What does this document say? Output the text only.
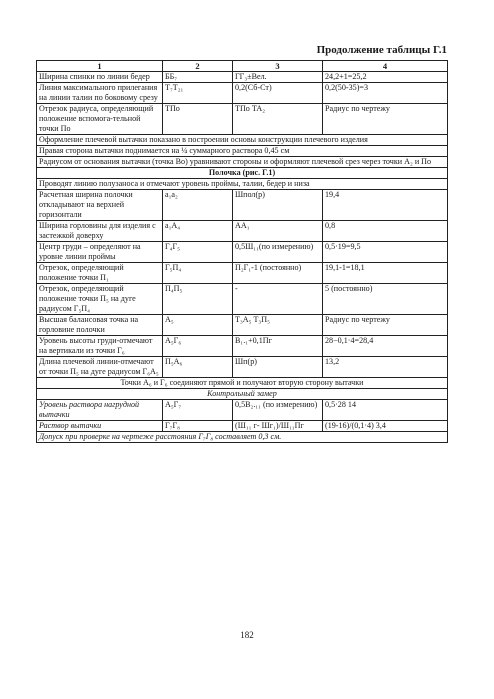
Продолжение таблицы Г.1
1	2	3	4
Ширина спинки по линии бедер	ББ₇	ГГ₃±Вел.	24,2+1=25,2
Линия максимального прилегания на линии талии по боковому срезу	Т₇Т₂₁	0,2(Сб-Ст)	0,2(50-35)=3
Отрезок радиуса, определяющий положение вспомога-тельной точки По	ТПо	ТПо ТА₂	Радиус по чертежу
Оформление плечевой вытачки показано в построении основы конструкции плечевого изделия			
Правая сторона вытачки поднимается на ¼ суммарного раствора 0,45 см			
Радиусом от основания вытачки (точка Во) уравнивают стороны и оформляют плечевой срез через точки А₂ и По			
Полочка (рис. Г.1)			
Проводят линию полузаноса и отмечают уровень проймы, талии, бедер и низа			
Расчетная ширина полочки откладывают на верхней горизонтали	а₁а₂	Шпол(р)	19,4
Ширина горловины для изделия с застежкой доверху	а₁А₄	АА₁	0,8
Центр груди – определяют на уровне линии проймы	Г₄Г₅	0,5Ш₁₁(по измерению)	0,5·19=9,5
Отрезок, определяющий положение точки П₁	Г₅П₄	П₂Г₁-1 (постоянно)	19,1-1=18,1
Отрезок, определяющий положение точки П₅ на дуге радиусом Г₅П₄	П₄П₅	-	5 (постоянно)
Высшая балансовая точка на горловине полочки	А₅	Т₃А₅ Т₃П₅	Радиус по чертежу
Уровень высоты груди-отмечают на вертикали из точки Г₆	А₅Г₆	В₁.₁+0,1Пг	28−0,1·4=28,4
Длина плечевой линии-отмечают от точки П₅ на дуге радиусом Г₆А₅	П₅А₆	Шп(р)	13,2
Точки А₆ и Г₆ соединяют прямой и получают вторую сторону вытачки			
Контрольный замер			
Уровень раствора нагрудной вытачки	А₅Г₇	0,5В₂.₁₁ (по измерению)	0,5·28 14
Раствор вытачки	Г₇Г₈	(Ш₁₁ г- Шг₁)/Ш₁₁Пг	(19-16)/(0,1·4) 3,4
Допуск при проверке на чертеже расстояния Г₇Г₈ составляет 0,3 см.			
182
